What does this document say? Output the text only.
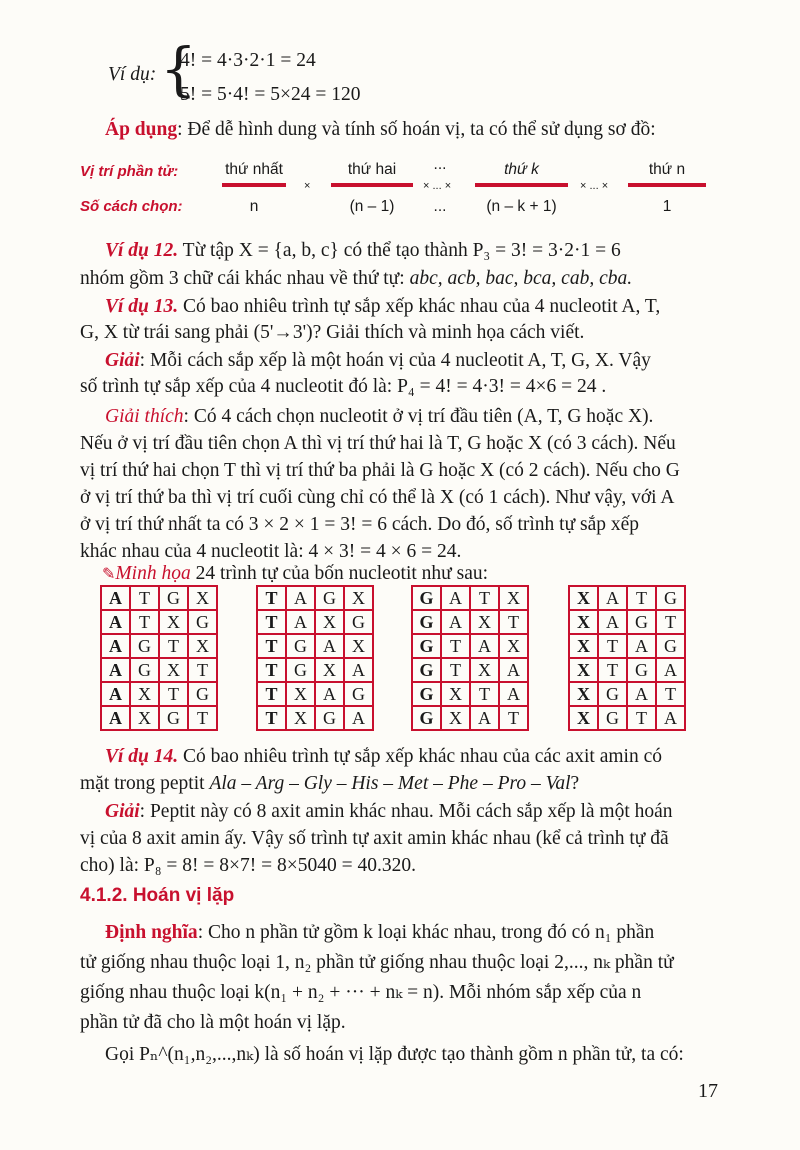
Ví dụ: {
4! = 4·3·2·1 = 24
5! = 5·4! = 5×24 = 120
Áp dụng: Để dễ hình dung và tính số hoán vị, ta có thể sử dụng sơ đồ:
Vị trí phần tử:
Số cách chọn:
thứ nhất	thứ hai	...	thứ k	thứ n
×	× ... ×	× ... ×
n	(n – 1)	...	(n – k + 1)	1
Ví dụ 12. Từ tập X = {a, b, c} có thể tạo thành P₃ = 3! = 3·2·1 = 6
nhóm gồm 3 chữ cái khác nhau về thứ tự: abc, acb, bac, bca, cab, cba.
Ví dụ 13. Có bao nhiêu trình tự sắp xếp khác nhau của 4 nucleotit A, T,
G, X từ trái sang phải (5'→3')? Giải thích và minh họa cách viết.
Giải: Mỗi cách sắp xếp là một hoán vị của 4 nucleotit A, T, G, X. Vậy
số trình tự sắp xếp của 4 nucleotit đó là: P₄ = 4! = 4·3! = 4×6 = 24 .
Giải thích: Có 4 cách chọn nucleotit ở vị trí đầu tiên (A, T, G hoặc X).
Nếu ở vị trí đầu tiên chọn A thì vị trí thứ hai là T, G hoặc X (có 3 cách). Nếu
vị trí thứ hai chọn T thì vị trí thứ ba phải là G hoặc X (có 2 cách). Nếu cho G
ở vị trí thứ ba thì vị trí cuối cùng chỉ có thể là X (có 1 cách). Như vậy, với A
ở vị trí thứ nhất ta có 3 × 2 × 1 = 3! = 6 cách. Do đó, số trình tự sắp xếp
khác nhau của 4 nucleotit là: 4 × 3! = 4 × 6 = 24.
✎Minh họa 24 trình tự của bốn nucleotit như sau:
A	T	G	X
A	T	X	G
A	G	T	X
A	G	X	T
A	X	T	G
A	X	G	T
T	A	G	X
T	A	X	G
T	G	A	X
T	G	X	A
T	X	A	G
T	X	G	A
G	A	T	X
G	A	X	T
G	T	A	X
G	T	X	A
G	X	T	A
G	X	A	T
X	A	T	G
X	A	G	T
X	T	A	G
X	T	G	A
X	G	A	T
X	G	T	A
Ví dụ 14. Có bao nhiêu trình tự sắp xếp khác nhau của các axit amin có
mặt trong peptit Ala – Arg – Gly – His – Met – Phe – Pro – Val?
Giải: Peptit này có 8 axit amin khác nhau. Mỗi cách sắp xếp là một hoán
vị của 8 axit amin ấy. Vậy số trình tự axit amin khác nhau (kể cả trình tự đã
cho) là: P₈ = 8! = 8×7! = 8×5040 = 40.320.
4.1.2. Hoán vị lặp
Định nghĩa: Cho n phần tử gồm k loại khác nhau, trong đó có n₁ phần
tử giống nhau thuộc loại 1, n₂ phần tử giống nhau thuộc loại 2,..., nₖ phần tử
giống nhau thuộc loại k(n₁ + n₂ + ··· + nₖ = n). Mỗi nhóm sắp xếp của n
phần tử đã cho là một hoán vị lặp.
Gọi Pₙ^(n₁,n₂,...,nₖ) là số hoán vị lặp được tạo thành gồm n phần tử, ta có:
17
